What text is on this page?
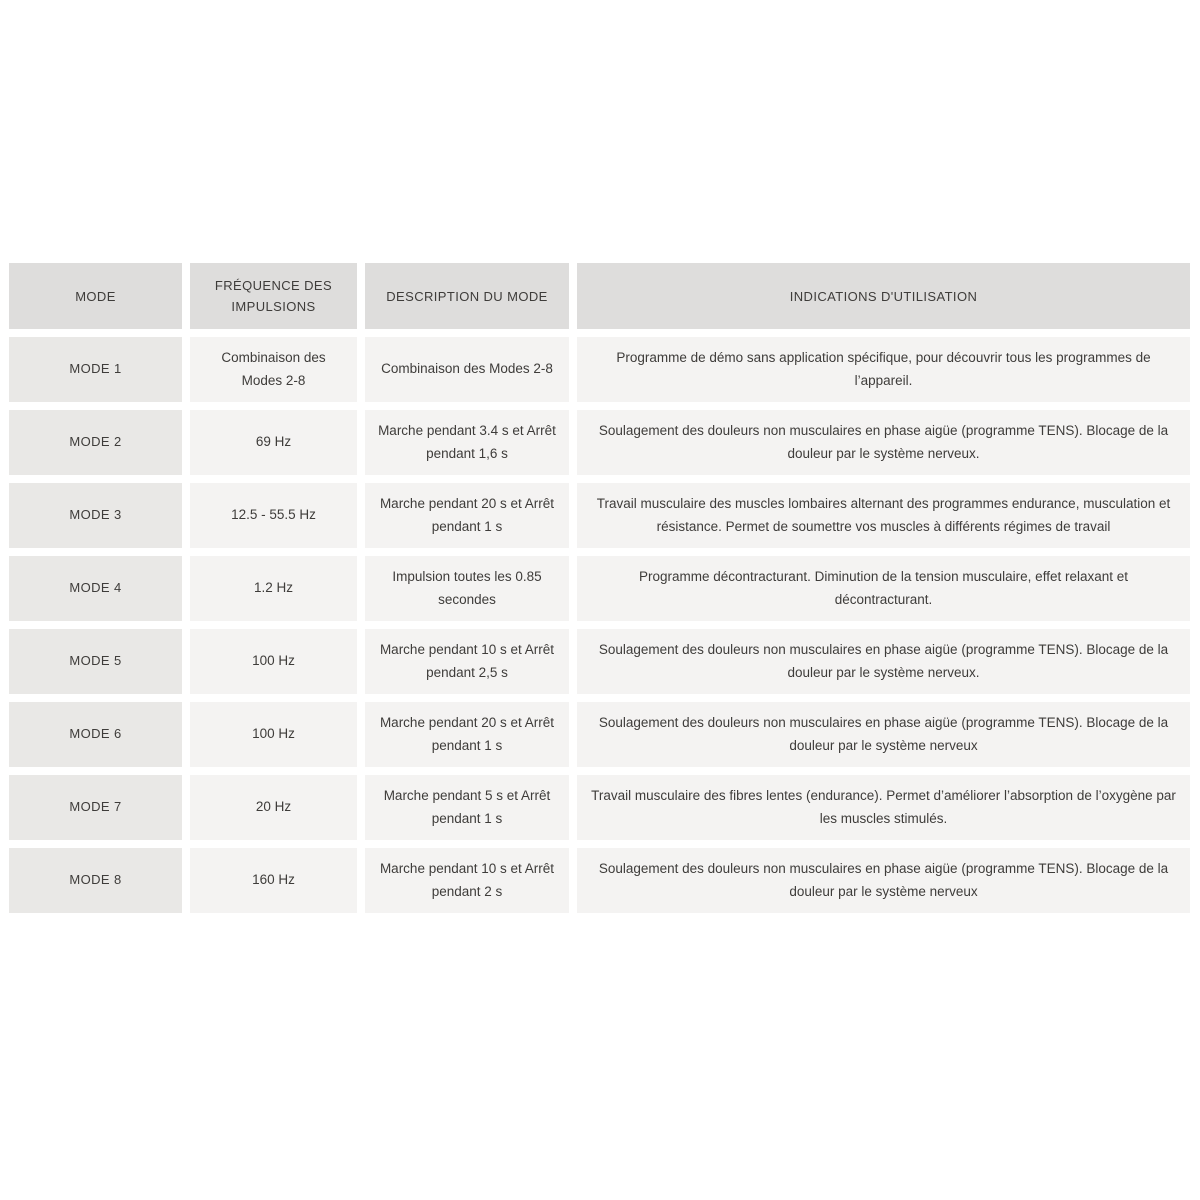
MODE	FRÉQUENCE DES IMPULSIONS	DESCRIPTION DU MODE	INDICATIONS D'UTILISATION
MODE 1	Combinaison des Modes 2-8	Combinaison des Modes 2-8	Programme de démo sans application spécifique, pour découvrir tous les programmes de l’appareil.
MODE 2	69 Hz	Marche pendant 3.4 s et Arrêt pendant 1,6 s	Soulagement des douleurs non musculaires en phase aigüe (programme TENS). Blocage de la douleur par le système nerveux.
MODE 3	12.5 - 55.5 Hz	Marche pendant 20 s et Arrêt pendant 1 s	Travail musculaire des muscles lombaires alternant des programmes endurance, musculation et résistance. Permet de soumettre vos muscles à différents régimes de travail
MODE 4	1.2 Hz	Impulsion toutes les 0.85 secondes	Programme décontracturant. Diminution de la tension musculaire, effet relaxant et décontracturant.
MODE 5	100 Hz	Marche pendant 10 s et Arrêt pendant 2,5 s	Soulagement des douleurs non musculaires en phase aigüe (programme TENS). Blocage de la douleur par le système nerveux.
MODE 6	100 Hz	Marche pendant 20 s et Arrêt pendant 1 s	Soulagement des douleurs non musculaires en phase aigüe (programme TENS). Blocage de la douleur par le système nerveux
MODE 7	20 Hz	Marche pendant 5 s et Arrêt pendant 1 s	Travail musculaire des fibres lentes (endurance). Permet d’améliorer l’absorption de l’oxygène par les muscles stimulés.
MODE 8	160 Hz	Marche pendant 10 s et Arrêt pendant 2 s	Soulagement des douleurs non musculaires en phase aigüe (programme TENS). Blocage de la douleur par le système nerveux
